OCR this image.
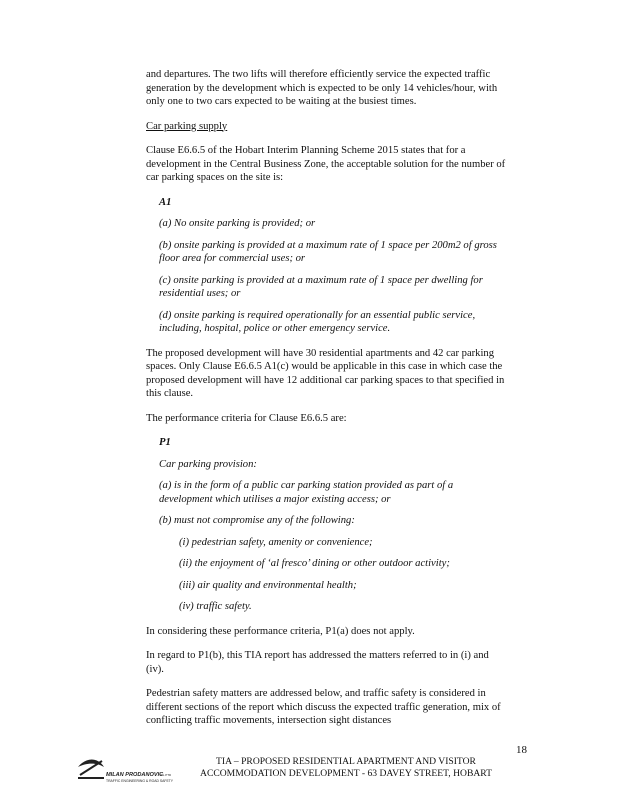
and departures. The two lifts will therefore efficiently service the expected traffic generation by the development which is expected to be only 14 vehicles/hour, with only one to two cars expected to be waiting at the busiest times.

Car parking supply

Clause E6.6.5 of the Hobart Interim Planning Scheme 2015 states that for a development in the Central Business Zone, the acceptable solution for the number of car parking spaces on the site is:

A1

(a) No onsite parking is provided; or

(b) onsite parking is provided at a maximum rate of 1 space per 200m2 of gross floor area for commercial uses; or

(c) onsite parking is provided at a maximum rate of 1 space per dwelling for residential uses; or

(d) onsite parking is required operationally for an essential public service, including, hospital, police or other emergency service.

The proposed development will have 30 residential apartments and 42 car parking spaces. Only Clause E6.6.5 A1(c) would be applicable in this case in which case the proposed development will have 12 additional car parking spaces to that specified in this clause.

The performance criteria for Clause E6.6.5 are:

P1

Car parking provision:

(a) is in the form of a public car parking station provided as part of a development which utilises a major existing access; or

(b) must not compromise any of the following:

(i) pedestrian safety, amenity or convenience;

(ii) the enjoyment of ‘al fresco’ dining or other outdoor activity;

(iii) air quality and environmental health;

(iv) traffic safety.

In considering these performance criteria, P1(a) does not apply.

In regard to P1(b), this TIA report has addressed the matters referred to in (i) and (iv).

Pedestrian safety matters are addressed below, and traffic safety is considered in different sections of the report which discuss the expected traffic generation, mix of conflicting traffic movements, intersection sight distances

18
MILAN PRODANOVIC
P/L PTD
TRAFFIC ENGINEERING & ROAD SAFETY
TIA – PROPOSED RESIDENTIAL APARTMENT AND VISITOR
ACCOMMODATION DEVELOPMENT - 63 DAVEY STREET, HOBART
